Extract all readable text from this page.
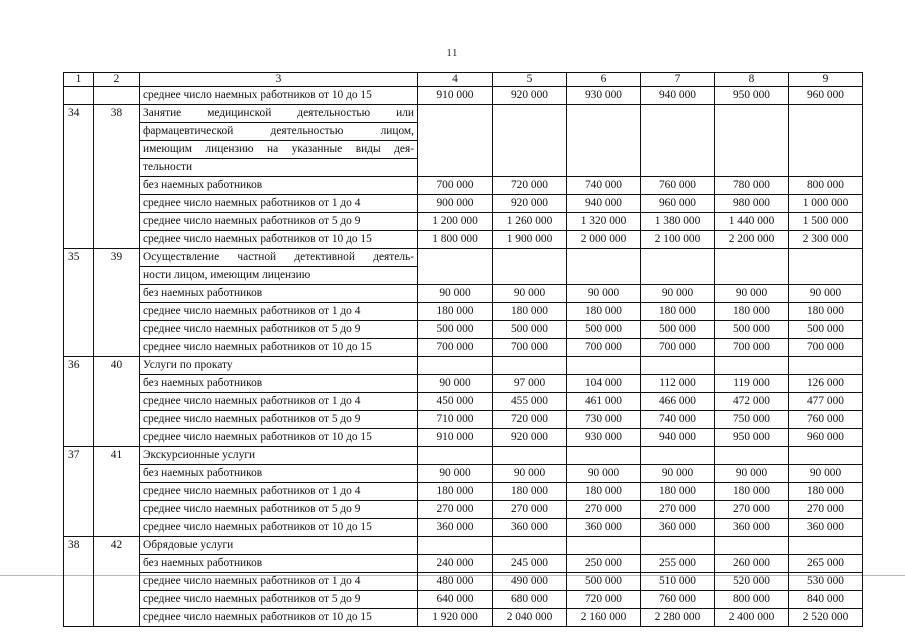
11
1	2	3	4	5	6	7	8	9
		среднее число наемных работников от 10 до 15	910 000	920 000	930 000	940 000	950 000	960 000
34	38	Занятие медицинской деятельностью или						
		фармацевтической деятельностью лицом,						
		имеющим лицензию на указанные виды дея-						
		тельности						
		без наемных работников	700 000	720 000	740 000	760 000	780 000	800 000
		среднее число наемных работников от 1 до 4	900 000	920 000	940 000	960 000	980 000	1 000 000
		среднее число наемных работников от 5 до 9	1 200 000	1 260 000	1 320 000	1 380 000	1 440 000	1 500 000
		среднее число наемных работников от 10 до 15	1 800 000	1 900 000	2 000 000	2 100 000	2 200 000	2 300 000
35	39	Осуществление частной детективной деятель-						
		ности лицом, имеющим лицензию						
		без наемных работников	90 000	90 000	90 000	90 000	90 000	90 000
		среднее число наемных работников от 1 до 4	180 000	180 000	180 000	180 000	180 000	180 000
		среднее число наемных работников от 5 до 9	500 000	500 000	500 000	500 000	500 000	500 000
		среднее число наемных работников от 10 до 15	700 000	700 000	700 000	700 000	700 000	700 000
36	40	Услуги по прокату						
		без наемных работников	90 000	97 000	104 000	112 000	119 000	126 000
		среднее число наемных работников от 1 до 4	450 000	455 000	461 000	466 000	472 000	477 000
		среднее число наемных работников от 5 до 9	710 000	720 000	730 000	740 000	750 000	760 000
		среднее число наемных работников от 10 до 15	910 000	920 000	930 000	940 000	950 000	960 000
37	41	Экскурсионные услуги						
		без наемных работников	90 000	90 000	90 000	90 000	90 000	90 000
		среднее число наемных работников от 1 до 4	180 000	180 000	180 000	180 000	180 000	180 000
		среднее число наемных работников от 5 до 9	270 000	270 000	270 000	270 000	270 000	270 000
		среднее число наемных работников от 10 до 15	360 000	360 000	360 000	360 000	360 000	360 000
38	42	Обрядовые услуги						
		без наемных работников	240 000	245 000	250 000	255 000	260 000	265 000
		среднее число наемных работников от 1 до 4	480 000	490 000	500 000	510 000	520 000	530 000
		среднее число наемных работников от 5 до 9	640 000	680 000	720 000	760 000	800 000	840 000
		среднее число наемных работников от 10 до 15	1 920 000	2 040 000	2 160 000	2 280 000	2 400 000	2 520 000
